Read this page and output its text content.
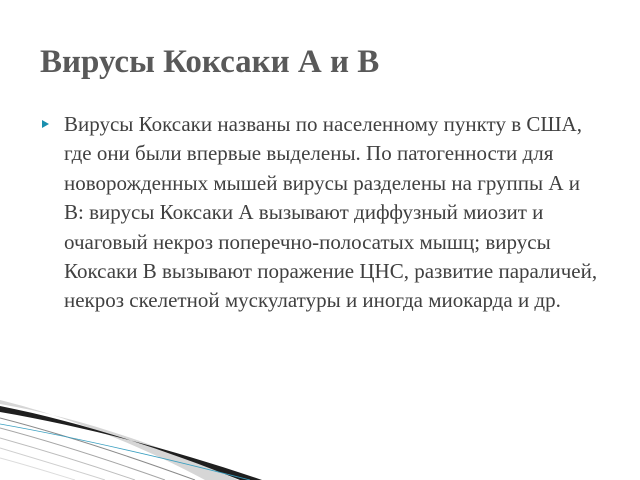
Вирусы Коксаки А и В
Вирусы Коксаки названы по населенному пункту в США, где они были впервые выделены. По патогенности для новорожденных мышей вирусы разделены на группы А и В: вирусы Коксаки А вызывают диффузный миозит и очаговый некроз поперечно-полосатых мышц; вирусы Коксаки В вызывают поражение ЦНС, развитие параличей, некроз скелетной мускулатуры и иногда миокарда и др.
